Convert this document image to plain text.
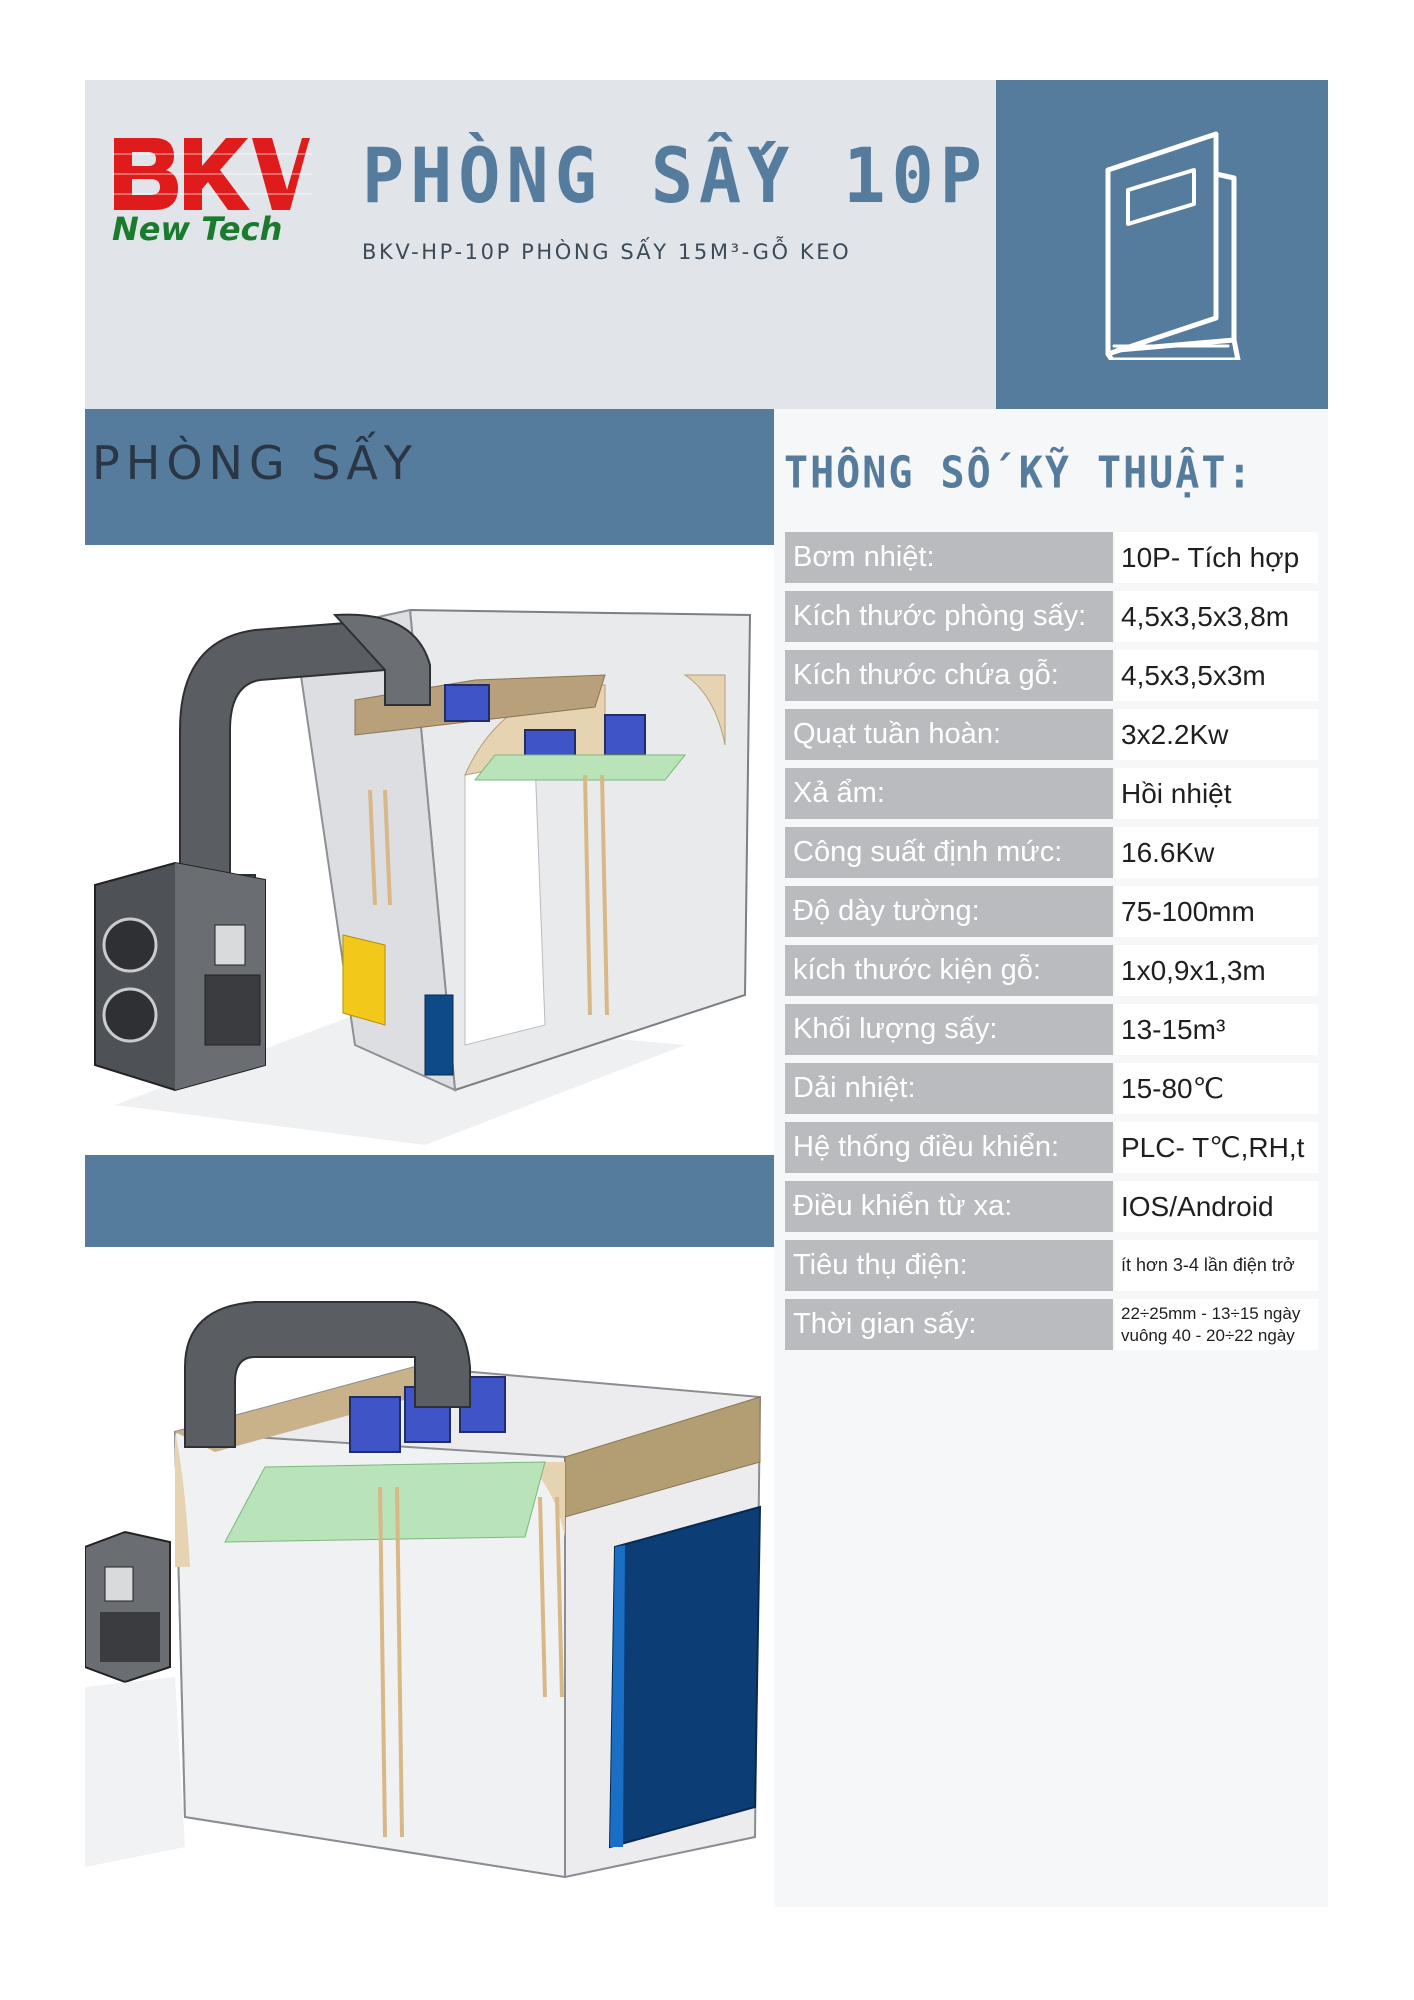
New Tech
PHÒNG SẤY 10P
BKV-HP-10P PHÒNG SẤY 15M³-GỖ KEO
PHÒNG SẤY	THÔNG SỐ KỸ THUẬT:
Bơm nhiệt:	10P- Tích hợp
Kích thước phòng sấy:	4,5x3,5x3,8m
Kích thước chứa gỗ:	4,5x3,5x3m
Quạt tuần hoàn:	3x2.2Kw
Xả ẩm:	Hồi nhiệt
Công suất định mức:	16.6Kw
Độ dày tường:	75-100mm
kích thước kiện gỗ:	1x0,9x1,3m
Khối lượng sấy:	13-15m³
Dải nhiệt:	15-80℃
Hệ thống điều khiển:	PLC- T℃,RH,t
Điều khiển từ xa:	IOS/Android
Tiêu thụ điện:	ít hơn 3-4 lần điện trở
Thời gian sấy:	22÷25mm - 13÷15 ngày
vuông 40 - 20÷22 ngày
